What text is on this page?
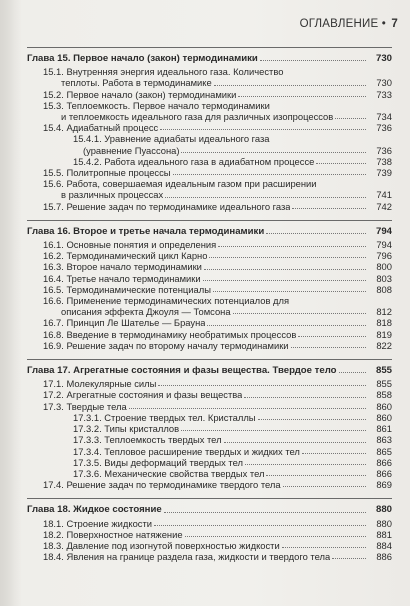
ОГЛАВЛЕНИЕ • 7
Глава 15. Первое начало (закон) термодинамики	730
15.1. Внутренняя энергия идеального газа. Количество
теплоты. Работа в термодинамике	730
15.2. Первое начало (закон) термодинамики	733
15.3. Теплоемкость. Первое начало термодинамики
и теплоемкость идеального газа для различных изопроцессов	734
15.4. Адиабатный процесс	736
15.4.1. Уравнение адиабаты идеального газа
(уравнение Пуассона)	736
15.4.2. Работа идеального газа в адиабатном процессе	738
15.5. Политропные процессы	739
15.6. Работа, совершаемая идеальным газом при расширении
в различных процессах	741
15.7. Решение задач по термодинамике идеального газа	742
Глава 16. Второе и третье начала термодинамики	794
16.1. Основные понятия и определения	794
16.2. Термодинамический цикл Карно	796
16.3. Второе начало термодинамики	800
16.4. Третье начало термодинамики	803
16.5. Термодинамические потенциалы	808
16.6. Применение термодинамических потенциалов для
описания эффекта Джоуля — Томсона	812
16.7. Принцип Ле Шателье — Брауна	818
16.8. Введение в термодинамику необратимых процессов	819
16.9. Решение задач по второму началу термодинамики	822
Глава 17. Агрегатные состояния и фазы вещества. Твердое тело	855
17.1. Молекулярные силы	855
17.2. Агрегатные состояния и фазы вещества	858
17.3. Твердые тела	860
17.3.1. Строение твердых тел. Кристаллы	860
17.3.2. Типы кристаллов	861
17.3.3. Теплоемкость твердых тел	863
17.3.4. Тепловое расширение твердых и жидких тел	865
17.3.5. Виды деформаций твердых тел	866
17.3.6. Механические свойства твердых тел	866
17.4. Решение задач по термодинамике твердого тела	869
Глава 18. Жидкое состояние	880
18.1. Строение жидкости	880
18.2. Поверхностное натяжение	881
18.3. Давление под изогнутой поверхностью жидкости	884
18.4. Явления на границе раздела газа, жидкости и твердого тела	886
